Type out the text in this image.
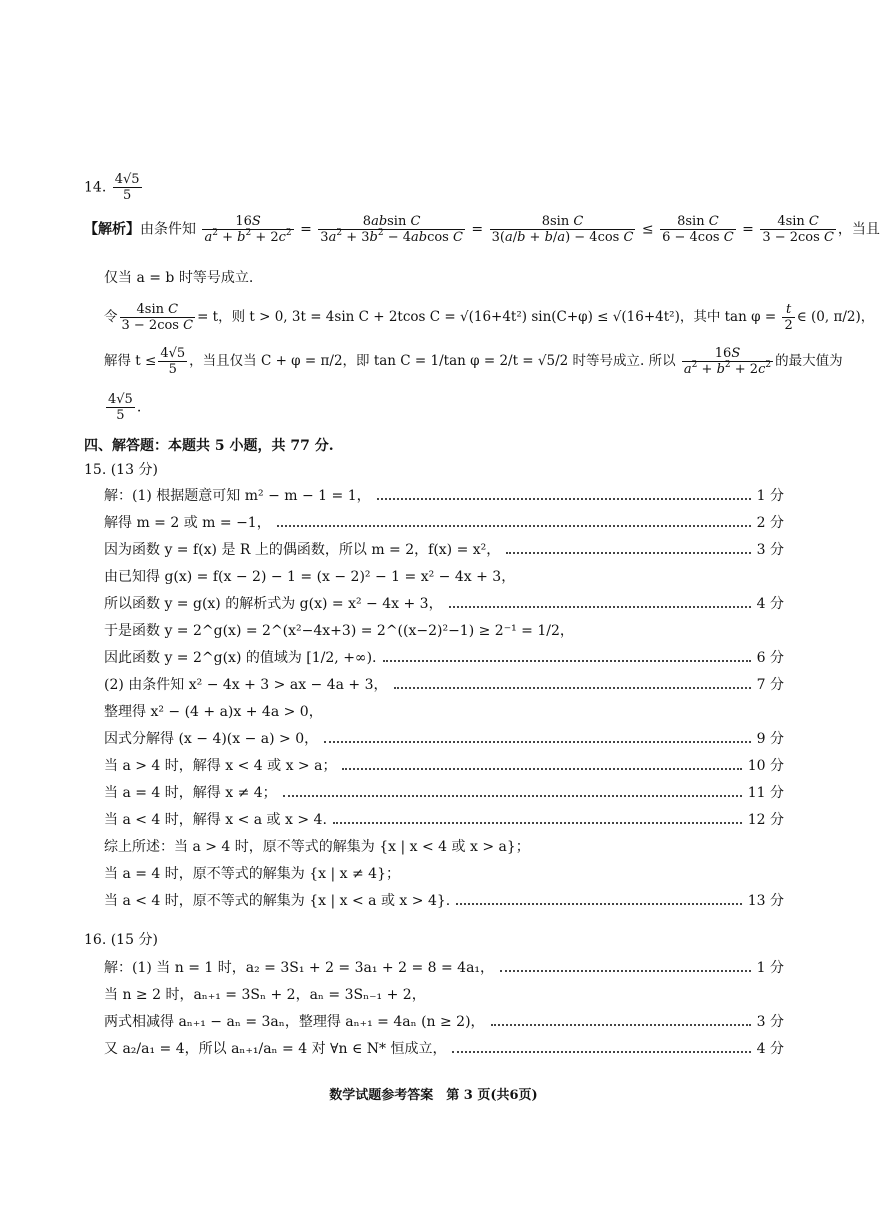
14. $\frac{4√5}{5}$
【解析】由条件知 $\frac{16S}{a^2 + b^2 + 2c^2} = \frac{\text{8absin C}}{3a^2 + 3b^2 - 4abcos C} = \frac{\text{8sin C}}{\text{3(a/b + b/a) − 4cos C}} \le \frac{\text{8sin C}}{\text{6 − 4cos C}} = \frac{\text{4sin C}}{\text{3 − 2cos C}}$ ，当且
仅当 a = b 时等号成立.
令 $\frac{\text{4sin C}}{\text{3 − 2cos C}} = t$，则 t > 0, 3t = 4sin C + 2tcos C = √(16+4t²) sin(C+φ) ≤ √(16+4t²)，其中 $\tan \varphi = \frac{t}{2}$ ∈ (0, π/2)，
解得 $t \le \frac{4√5}{5}$ ，当且仅当 C + φ = π/2，即 tan C = 1/tan φ = 2/t = √5/2 时等号成立. 所以 $\frac{16S}{a^2 + b^2 + 2c^2}$ 的最大值为
$\frac{4√5}{5}$ .
四、解答题：本题共 5 小题，共 77 分.
15. (13 分)
解：(1) 根据题意可知 m² − m − 1 = 1，	1 分
解得 m = 2 或 m = −1，	2 分
因为函数 y = f(x) 是 R 上的偶函数，所以 m = 2，f(x) = x²，	3 分
由已知得 g(x) = f(x − 2) − 1 = (x − 2)² − 1 = x² − 4x + 3，
所以函数 y = g(x) 的解析式为 g(x) = x² − 4x + 3，	4 分
于是函数 y = 2^g(x) = 2^(x²−4x+3) = 2^((x−2)²−1) ≥ 2⁻¹ = 1/2，
因此函数 y = 2^g(x) 的值域为 [1/2, +∞).	6 分
(2) 由条件知 x² − 4x + 3 > ax − 4a + 3，	7 分
整理得 x² − (4 + a)x + 4a > 0，
因式分解得 (x − 4)(x − a) > 0，	9 分
当 a > 4 时，解得 x < 4 或 x > a；	10 分
当 a = 4 时，解得 x ≠ 4；	11 分
当 a < 4 时，解得 x < a 或 x > 4.	12 分
综上所述：当 a > 4 时，原不等式的解集为 {x | x < 4 或 x > a}；
当 a = 4 时，原不等式的解集为 {x | x ≠ 4}；
当 a < 4 时，原不等式的解集为 {x | x < a 或 x > 4}.	13 分
16. (15 分)
解：(1) 当 n = 1 时，a₂ = 3S₁ + 2 = 3a₁ + 2 = 8 = 4a₁，	1 分
当 n ≥ 2 时，aₙ₊₁ = 3Sₙ + 2，aₙ = 3Sₙ₋₁ + 2，
两式相减得 aₙ₊₁ − aₙ = 3aₙ，整理得 aₙ₊₁ = 4aₙ (n ≥ 2)，	3 分
又 a₂/a₁ = 4，所以 aₙ₊₁/aₙ = 4 对 ∀n ∈ N* 恒成立，	4 分
数学试题参考答案　第 3 页(共6页)
